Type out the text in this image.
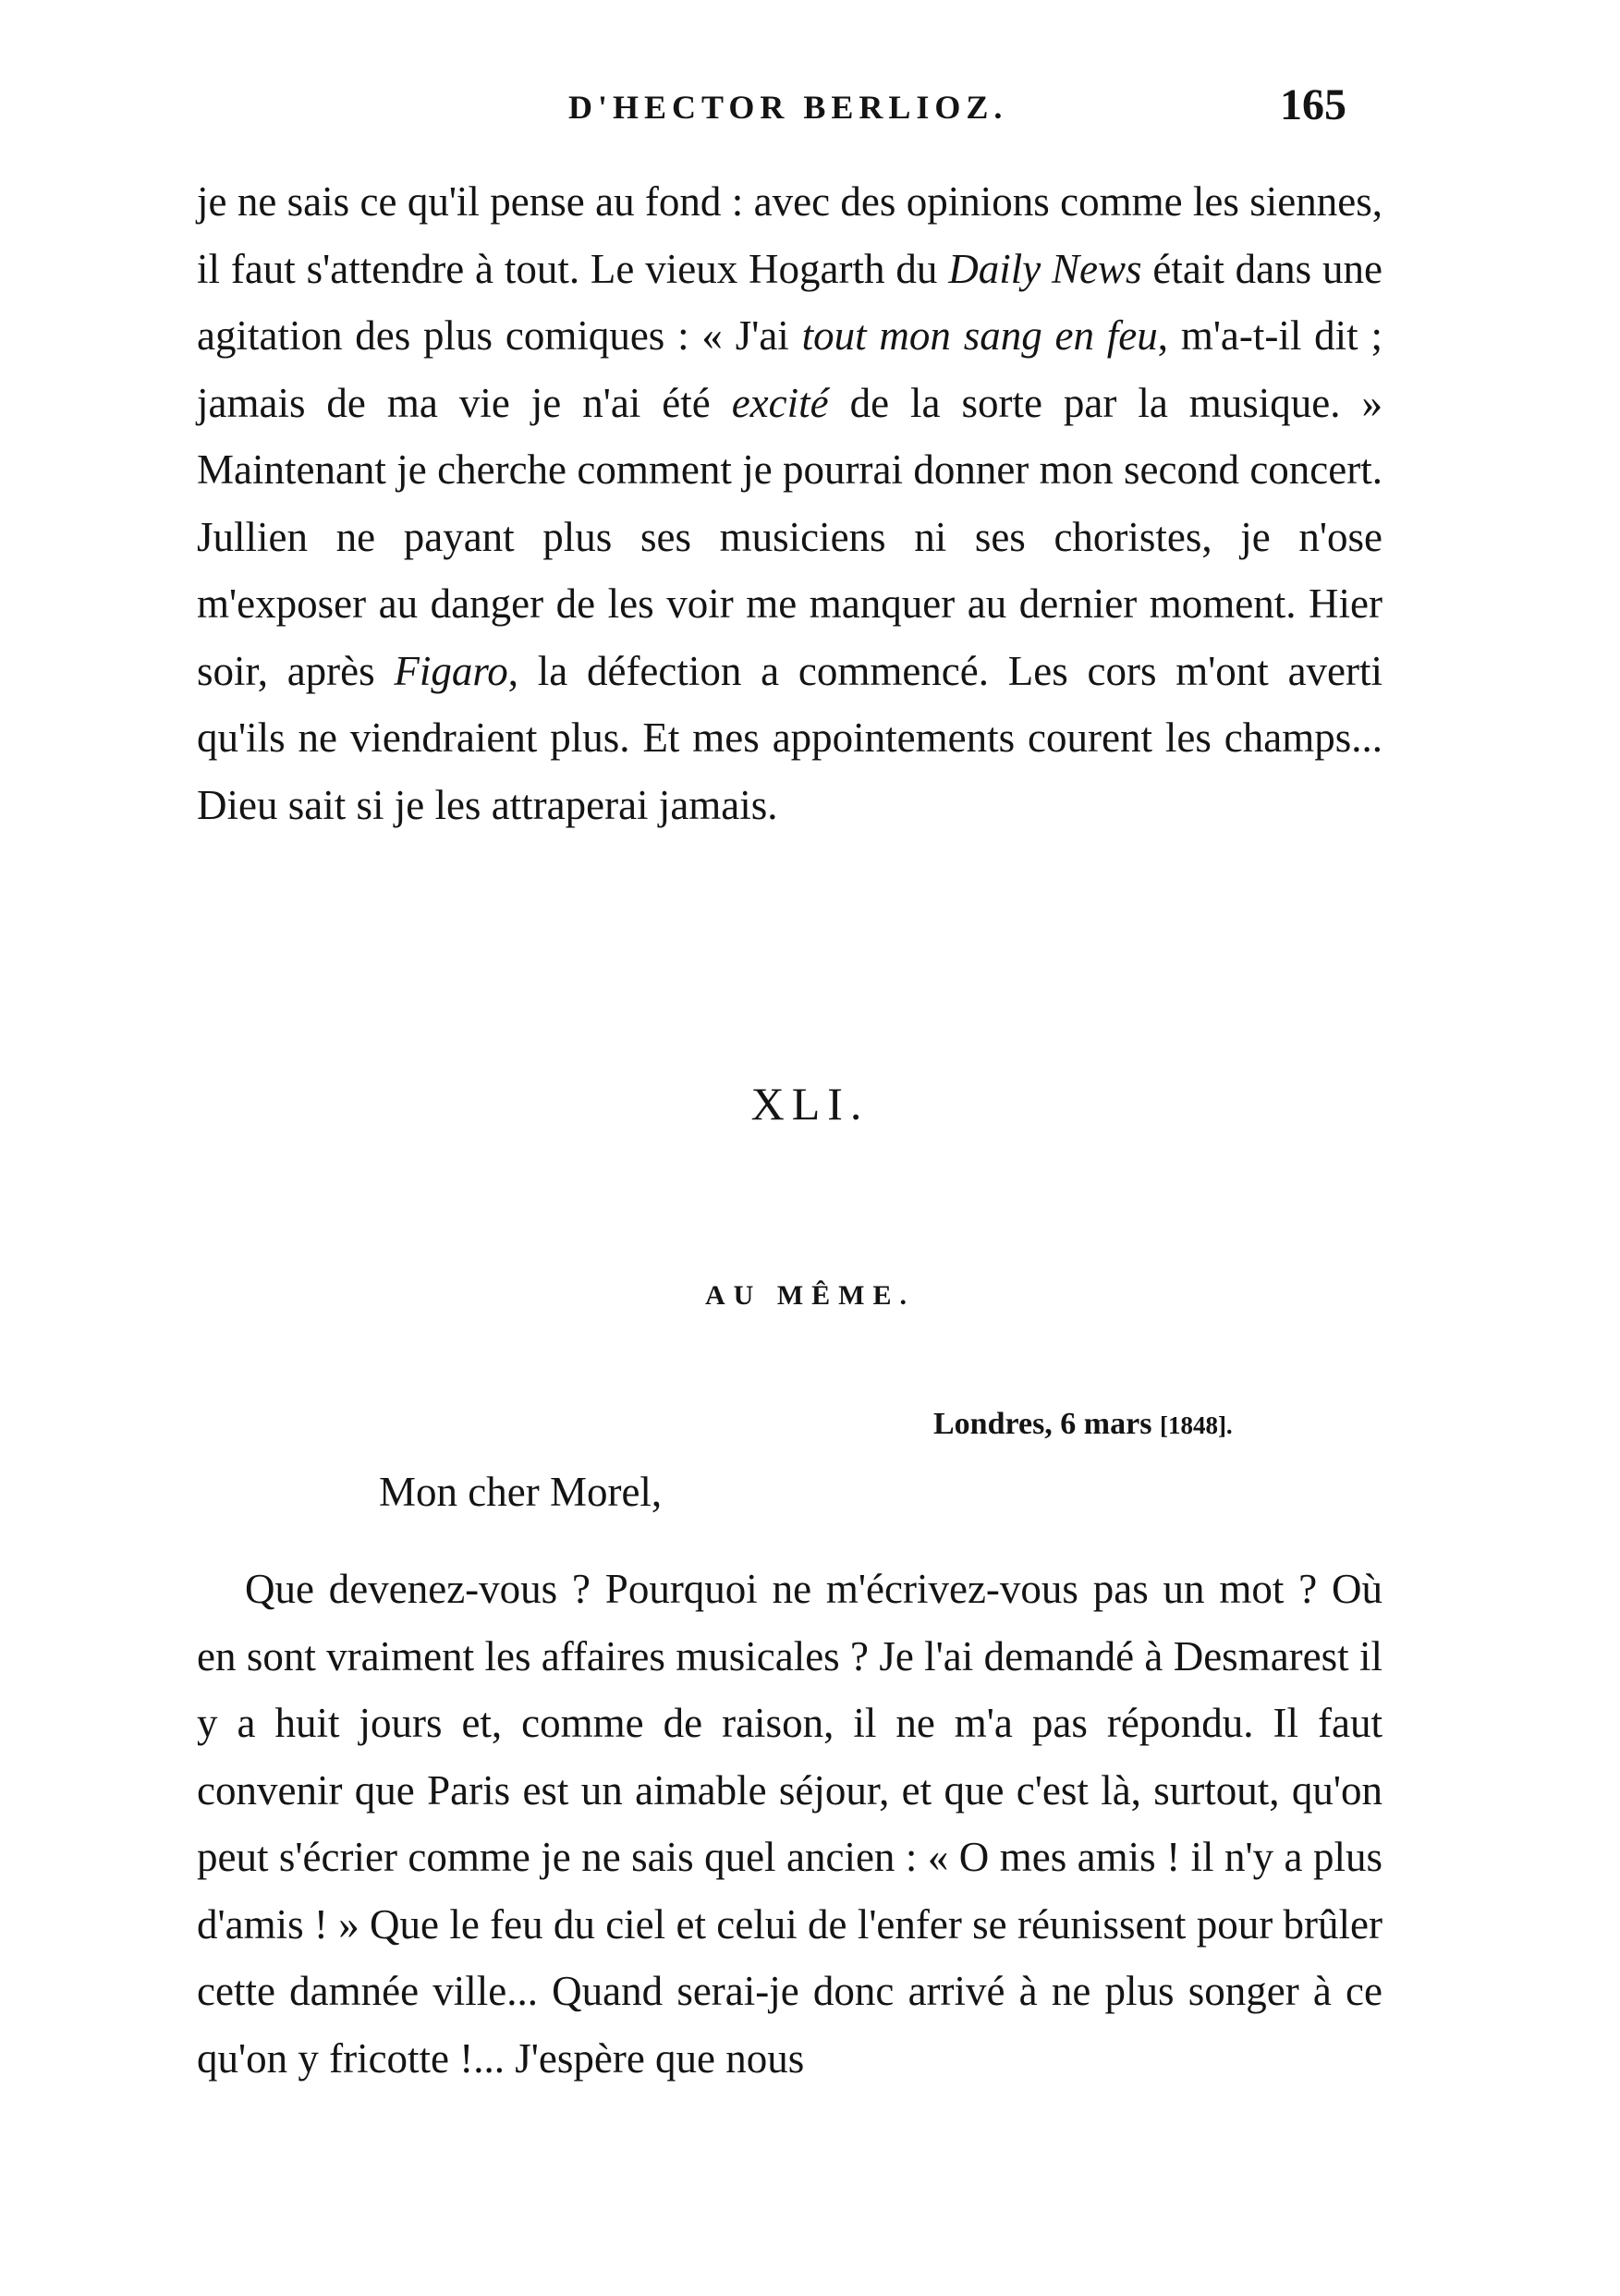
D'HECTOR BERLIOZ.	165

je ne sais ce qu'il pense au fond : avec des opinions comme les siennes, il faut s'attendre à tout. Le vieux Hogarth du Daily News était dans une agitation des plus comiques : « J'ai tout mon sang en feu, m'a-t-il dit ; jamais de ma vie je n'ai été excité de la sorte par la musique. » Maintenant je cherche comment je pourrai donner mon second concert. Jullien ne payant plus ses musiciens ni ses choristes, je n'ose m'exposer au danger de les voir me manquer au dernier moment. Hier soir, après Figaro, la défection a commencé. Les cors m'ont averti qu'ils ne viendraient plus. Et mes appointements courent les champs... Dieu sait si je les attraperai jamais.

XLI.
AU MÊME.
Londres, 6 mars [1848].
Mon cher Morel,

Que devenez-vous ? Pourquoi ne m'écrivez-vous pas un mot ? Où en sont vraiment les affaires musicales ? Je l'ai demandé à Desmarest il y a huit jours et, comme de raison, il ne m'a pas répondu. Il faut convenir que Paris est un aimable séjour, et que c'est là, surtout, qu'on peut s'écrier comme je ne sais quel ancien : « O mes amis ! il n'y a plus d'amis ! » Que le feu du ciel et celui de l'enfer se réunissent pour brûler cette damnée ville... Quand serai-je donc arrivé à ne plus songer à ce qu'on y fricotte !... J'espère que nous
